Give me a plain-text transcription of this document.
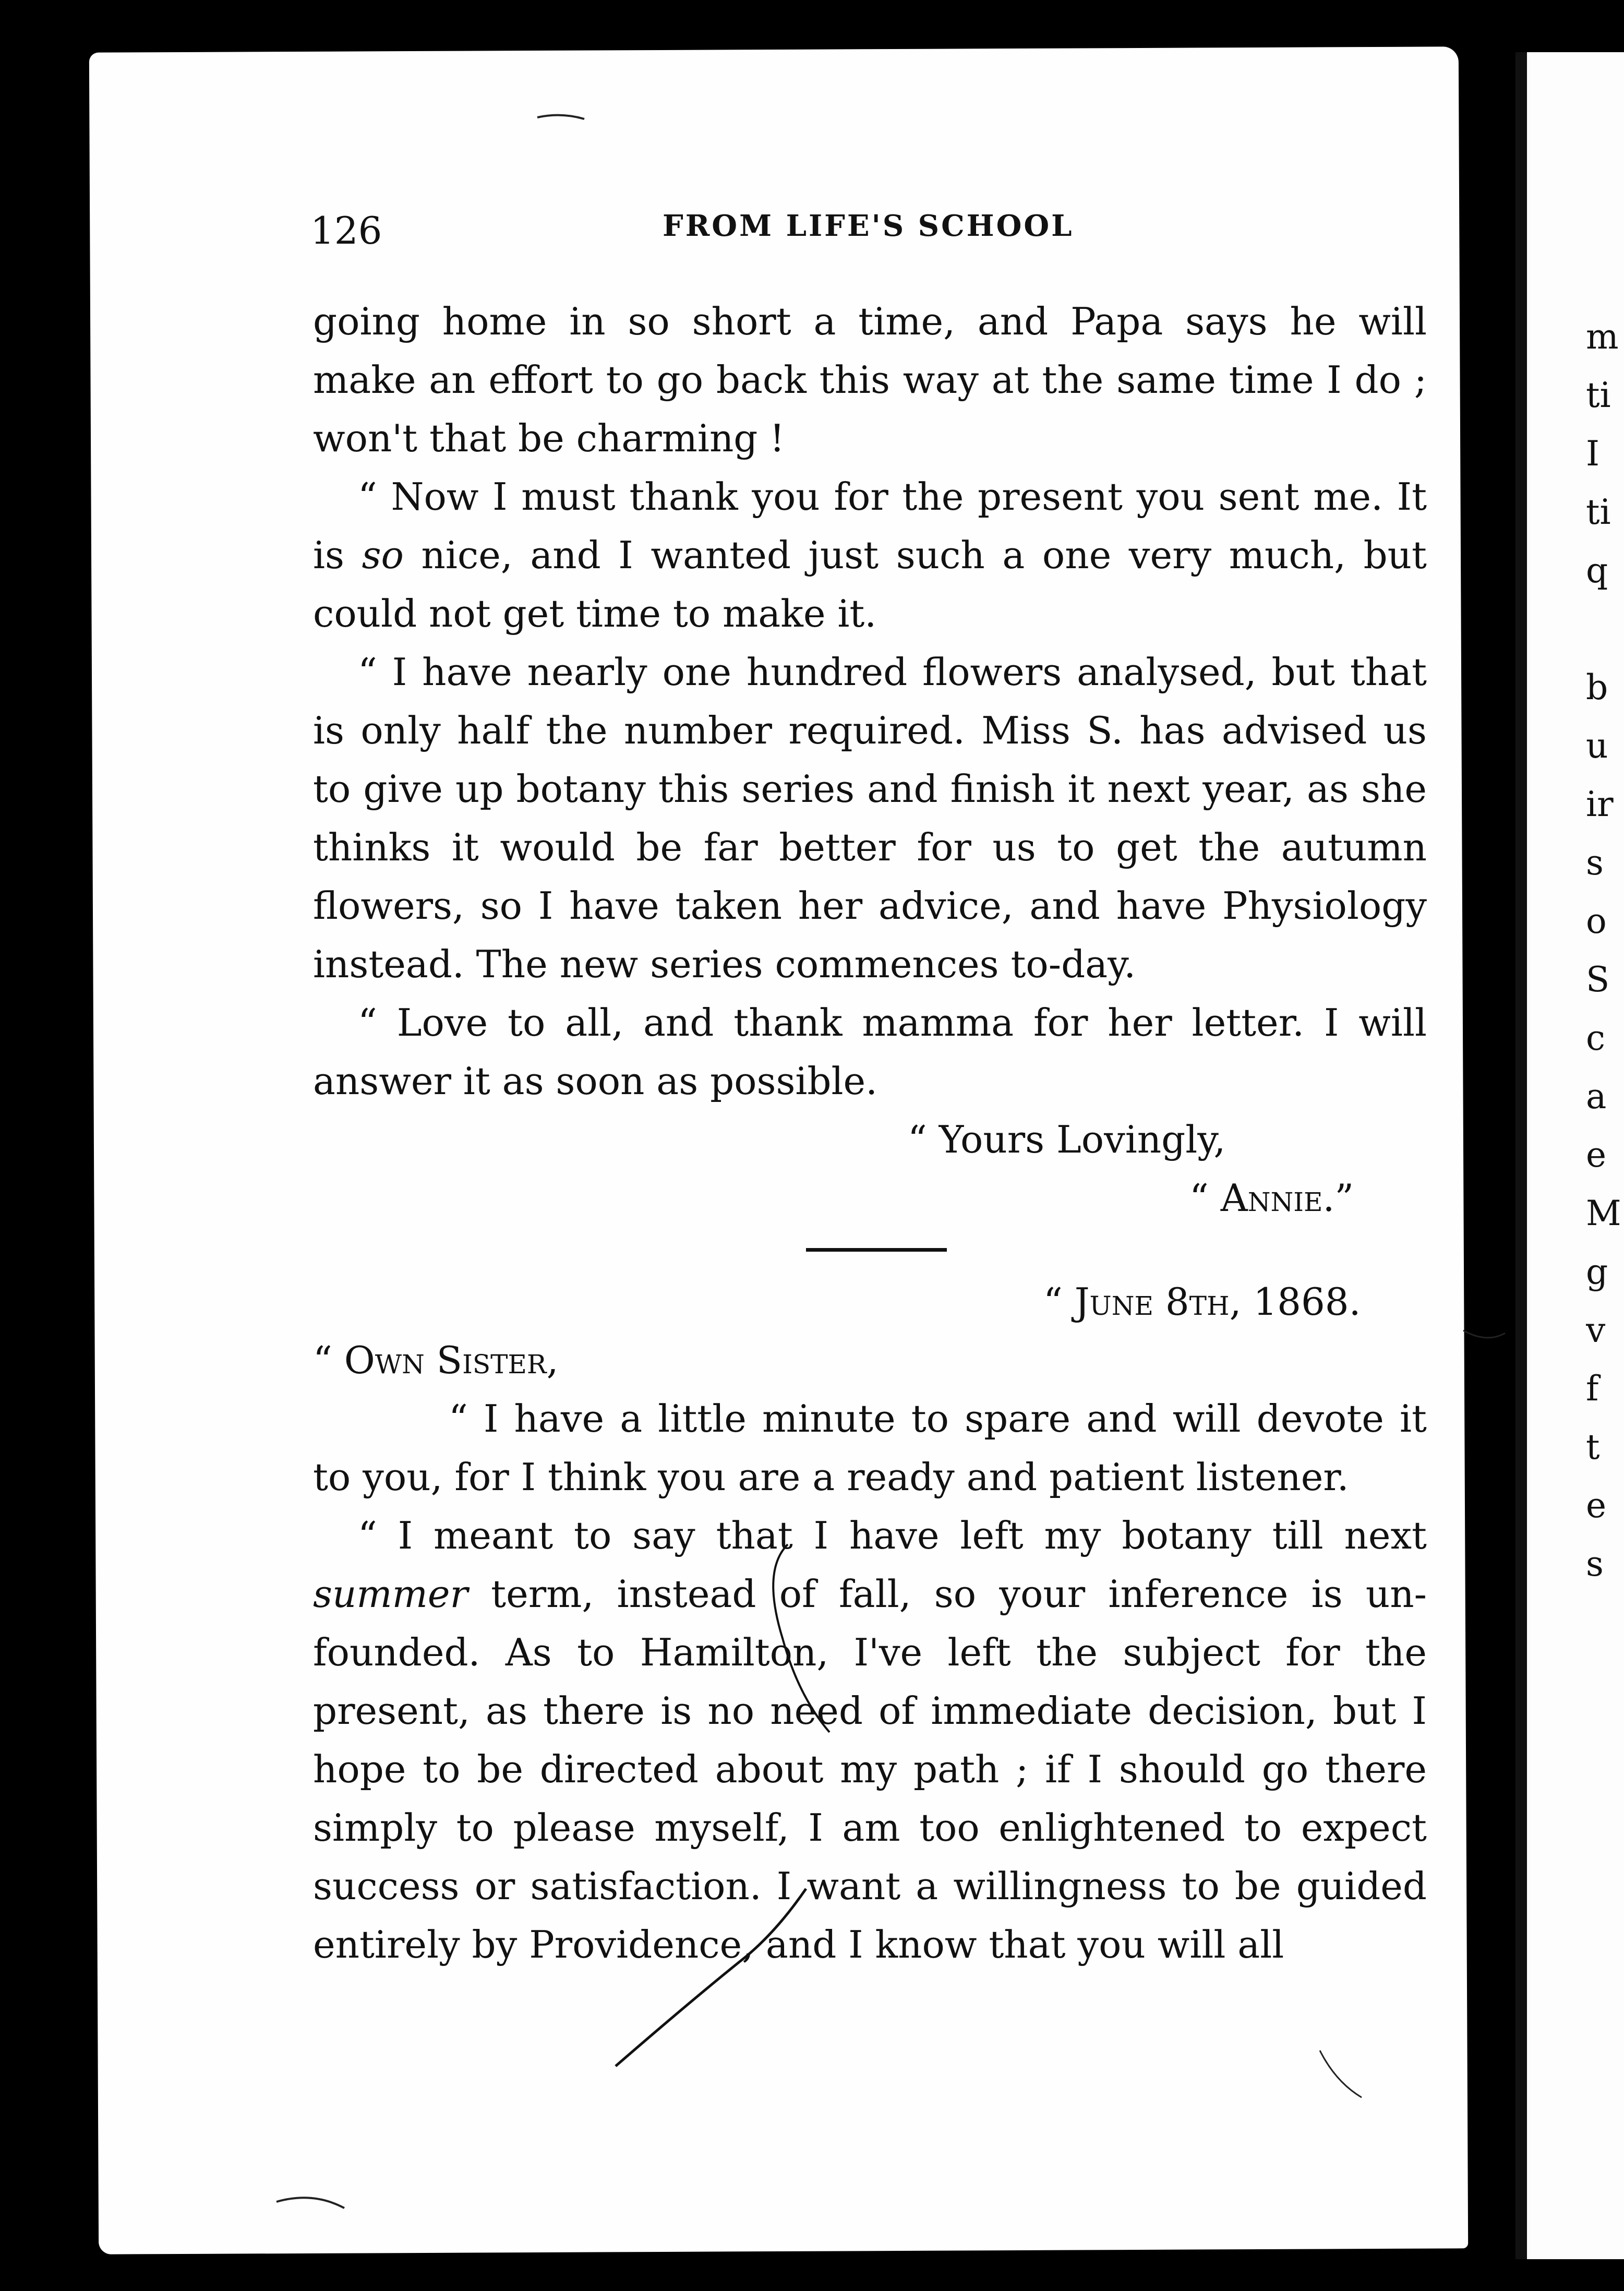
126	FROM LIFE'S SCHOOL

going home in so short a time, and Papa says he will make an effort to go back this way at the same time I do ; won't that be charming !

“ Now I must thank you for the present you sent me. It is so nice, and I wanted just such a one very much, but could not get time to make it.

“ I have nearly one hundred flowers analysed, but that is only half the number required. Miss S. has advised us to give up botany this series and finish it next year, as she thinks it would be far better for us to get the autumn flowers, so I have taken her advice, and have Physiology instead. The new series commences to-day.

“ Love to all, and thank mamma for her letter. I will answer it as soon as possible.

“ Yours Lovingly,

“ Annie.”

“ June 8th, 1868.

“ Own Sister,

“ I have a little minute to spare and will devote it to you, for I think you are a ready and patient listener.

“ I meant to say that I have left my botany till next summer term, instead of fall, so your inference is unfounded. As to Hamilton, I've left the subject for the present, as there is no need of immediate decision, but I hope to be directed about my path ; if I should go there simply to please myself, I am too enlightened to expect success or satisfaction. I want a willingness to be guided entirely by Providence, and I know that you will all

m
ti
I
ti
q
b
u
ir
s
o
S
c
a
e
M
g
v
f
t
e
s
